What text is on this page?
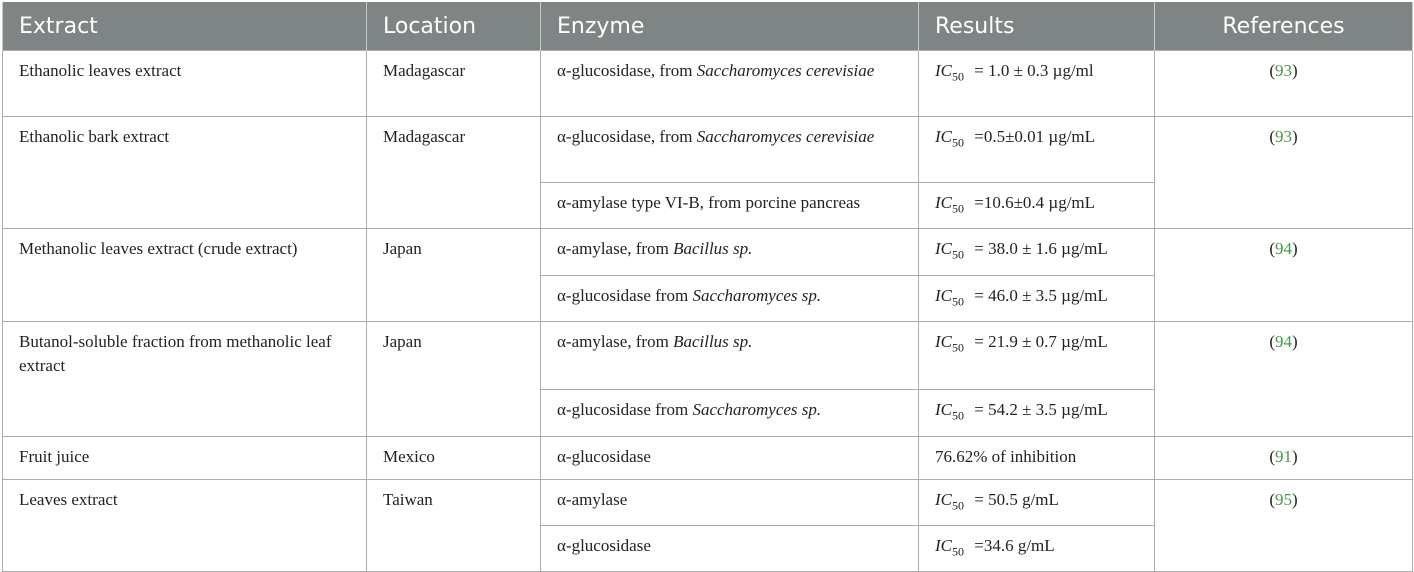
Extract	Location	Enzyme	Results	References
Ethanolic leaves extract	Madagascar	α-glucosidase, from Saccharomyces cerevisiae	$IC_{50} = 1.0 \pm 0.3$ µg/ml	(93)
Ethanolic bark extract	Madagascar	α-glucosidase, from Saccharomyces cerevisiae	$IC_{50} =0.5\pm 0.01$ µg/mL	(93)
		α-amylase type VI-B, from porcine pancreas	$IC_{50} =10.6\pm 0.4$ µg/mL	
Methanolic leaves extract (crude extract)	Japan	α-amylase, from Bacillus sp.	$IC_{50} = 38.0 \pm 1.6$ µg/mL	(94)
		α-glucosidase from Saccharomyces sp.	$IC_{50} = 46.0 \pm 3.5$ µg/mL	
Butanol-soluble fraction from methanolic leaf extract	Japan	α-amylase, from Bacillus sp.	$IC_{50} = 21.9 \pm 0.7$ µg/mL	(94)
		α-glucosidase from Saccharomyces sp.	$IC_{50} = 54.2 \pm 3.5$ µg/mL	
Fruit juice	Mexico	α-glucosidase	76.62% of inhibition	(91)
Leaves extract	Taiwan	α-amylase	$IC_{50} = 50.5$ g/mL	(95)
		α-glucosidase	$IC_{50} =34.6$ g/mL	
